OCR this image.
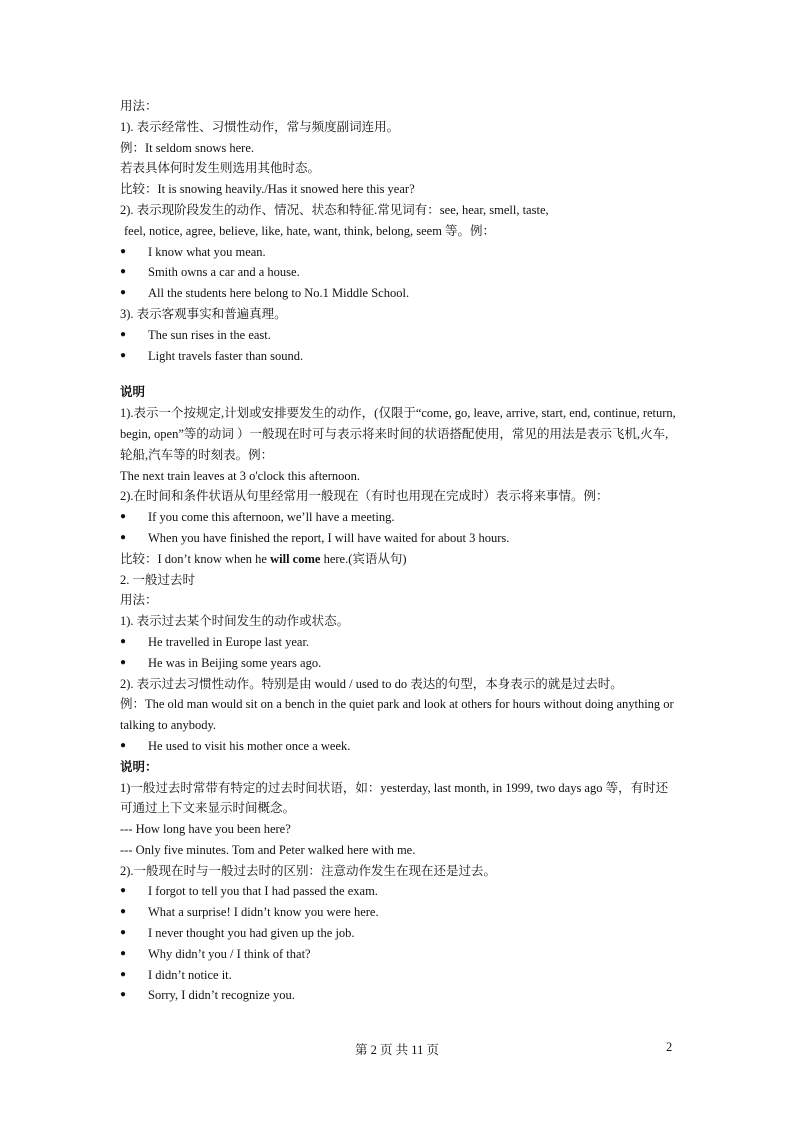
用法：
1). 表示经常性、习惯性动作，常与频度副词连用。
例：It seldom snows here.
若表具体何时发生则选用其他时态。
比较：It is snowing heavily./Has it snowed here this year?
2). 表示现阶段发生的动作、情况、状态和特征.常见词有：see, hear, smell, taste,
feel, notice, agree, believe, like, hate, want, think, belong, seem 等。例：
● I know what you mean.
● Smith owns a car and a house.
● All the students here belong to No.1 Middle School.
3). 表示客观事实和普遍真理。
● The sun rises in the east.
● Light travels faster than sound.
说明
1).表示一个按规定,计划或安排要发生的动作，(仅限于“come, go, leave, arrive, start, end, continue, return, begin, open”等的动词 ）一般现在时可与表示将来时间的状语搭配使用，常见的用法是表示飞机,火车,轮船,汽车等的时刻表。例：
The next train leaves at 3 o'clock this afternoon.
2).在时间和条件状语从句里经常用一般现在（有时也用现在完成时）表示将来事情。例：
● If you come this afternoon, we’ll have a meeting.
● When you have finished the report, I will have waited for about 3 hours.
比较：I don’t know when he will come here.(宾语从句)
2. 一般过去时
用法：
1). 表示过去某个时间发生的动作或状态。
● He travelled in Europe last year.
● He was in Beijing some years ago.
2). 表示过去习惯性动作。特别是由 would / used to do 表达的句型，本身表示的就是过去时。
例：The old man would sit on a bench in the quiet park and look at others for hours without doing anything or talking to anybody.
● He used to visit his mother once a week.
说明：
1)一般过去时常带有特定的过去时间状语，如：yesterday, last month, in 1999, two days ago 等，有时还可通过上下文来显示时间概念。
--- How long have you been here?
--- Only five minutes. Tom and Peter walked here with me.
2).一般现在时与一般过去时的区别：注意动作发生在现在还是过去。
● I forgot to tell you that I had passed the exam.
● What a surprise! I didn’t know you were here.
● I never thought you had given up the job.
● Why didn’t you / I think of that?
● I didn’t notice it.
● Sorry, I didn’t recognize you.
第 2 页 共 11 页	2
